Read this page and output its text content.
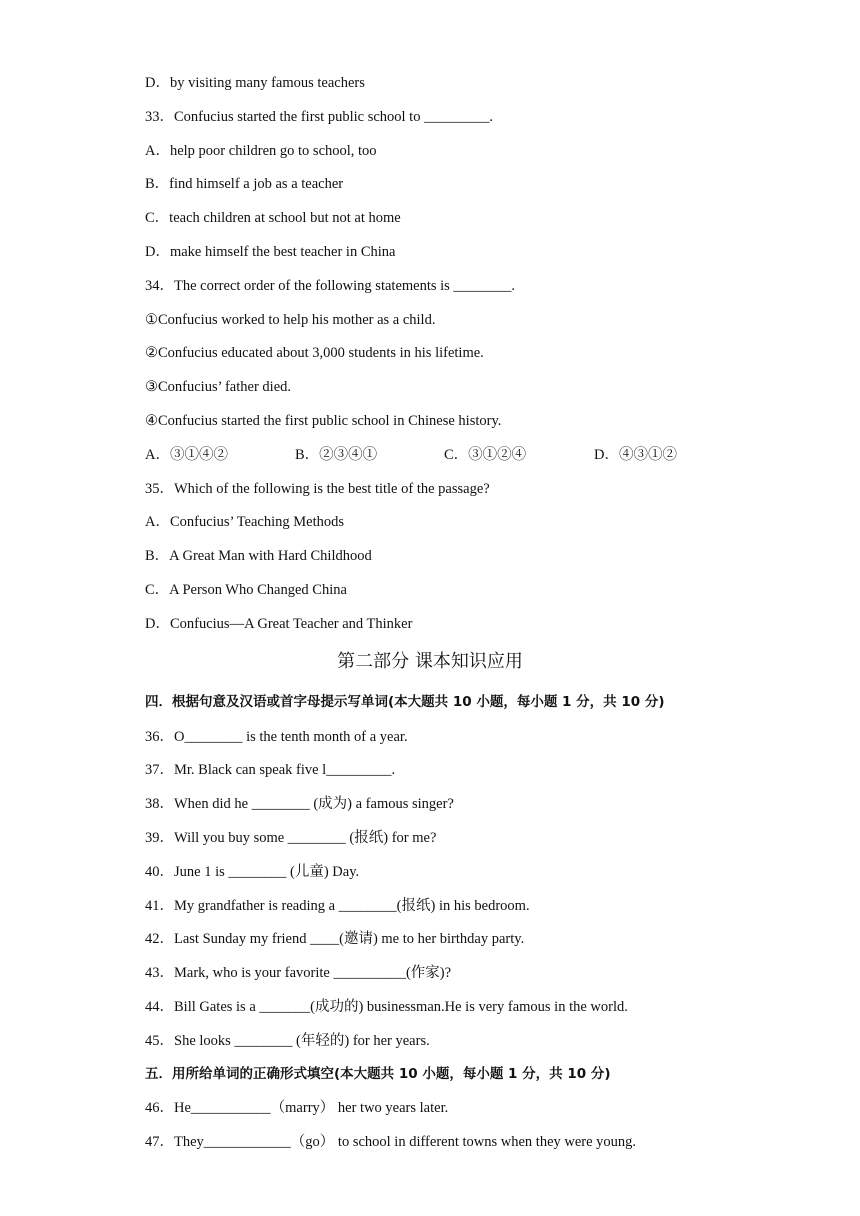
D．by visiting many famous teachers
33．Confucius started the first public school to _________.
A．help poor children go to school, too
B．find himself a job as a teacher
C．teach children at school but not at home
D．make himself the best teacher in China
34．The correct order of the following statements is ________.
①Confucius worked to help his mother as a child.
②Confucius educated about 3,000 students in his lifetime.
③Confucius’ father died.
④Confucius started the first public school in Chinese history.
A．③①④②	B．②③④①	C．③①②④	D．④③①②
35．Which of the following is the best title of the passage?
A．Confucius’ Teaching Methods
B．A Great Man with Hard Childhood
C．A Person Who Changed China
D．Confucius—A Great Teacher and Thinker
第二部分 课本知识应用
四．根据句意及汉语或首字母提示写单词(本大题共 10 小题，每小题 1 分，共 10 分)
36．O________ is the tenth month of a year.
37．Mr. Black can speak five l_________.
38．When did he ________ (成为) a famous singer?
39．Will you buy some ________ (报纸) for me?
40．June 1 is ________ (儿童) Day.
41．My grandfather is reading a ________(报纸) in his bedroom.
42．Last Sunday my friend ____(邀请) me to her birthday party.
43．Mark, who is your favorite __________(作家)?
44．Bill Gates is a _______(成功的) businessman.He is very famous in the world.
45．She looks ________ (年轻的) for her years.
五．用所给单词的正确形式填空(本大题共 10 小题，每小题 1 分，共 10 分)
46．He___________（marry） her two years later.
47．They____________（go） to school in different towns when they were young.
